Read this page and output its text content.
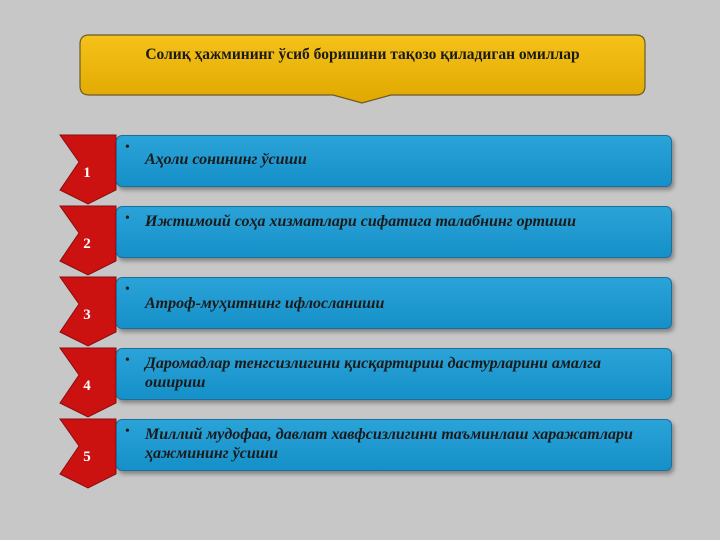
Солиқ ҳажмининг ўсиб боришини тақозо қиладиган омиллар
1
•
Аҳоли сонининг ўсиши
2
• Ижтимоий соҳа хизматлари сифатига талабнинг ортиши
3
•
Атроф-муҳитнинг ифлосланиши
4
• Даромадлар тенгсизлигини қисқартириш дастурларини амалга ошириш
5
• Миллий мудофаа, давлат хавфсизлигини таъминлаш харажатлари ҳажмининг ўсиши
